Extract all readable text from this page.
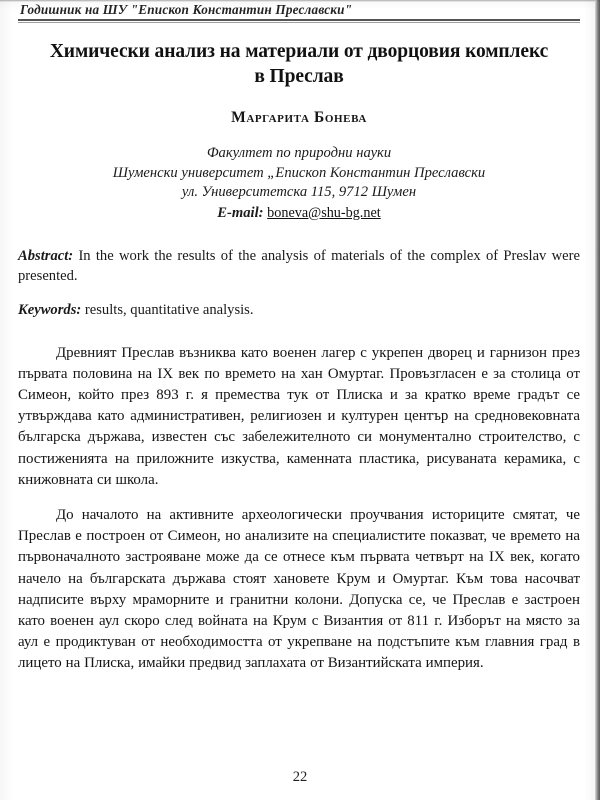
Годишник на ШУ "Епископ Константин Преславски"
Химически анализ на материали от дворцовия комплекс
в Преслав
Маргарита Бонева
Факултет по природни науки
Шуменски университет „Епископ Константин Преславски
ул. Университетска 115, 9712 Шумен
E-mail: boneva@shu-bg.net
Abstract: In the work the results of the analysis of materials of the complex of Preslav were presented.
Keywords: results, quantitative analysis.

Древният Преслав възниква като военен лагер с укрепен дворец и гарнизон през първата половина на IX век по времето на хан Омуртаг. Провъзгласен е за столица от Симеон, който през 893 г. я премества тук от Плиска и за кратко време градът се утвърждава като административен, религиозен и културен център на средновековната българска държава, известен със забележителното си монументално строителство, с постиженията на приложните изкуства, каменната пластика, рисуваната керамика, с книжовната си школа.

До началото на активните археологически проучвания историците смятат, че Преслав е построен от Симеон, но анализите на специалистите показват, че времето на първоначалното застрояване може да се отнесе към първата четвърт на IX век, когато начело на българската държава стоят хановете Крум и Омуртаг. Към това насочват надписите върху мраморните и гранитни колони. Допуска се, че Преслав е застроен като военен аул скоро след войната на Крум с Византия от 811 г. Изборът на място за аул е продиктуван от необходимостта от укрепване на подстъпите към главния град в лицето на Плиска, имайки предвид заплахата от Византийската империя.

22
